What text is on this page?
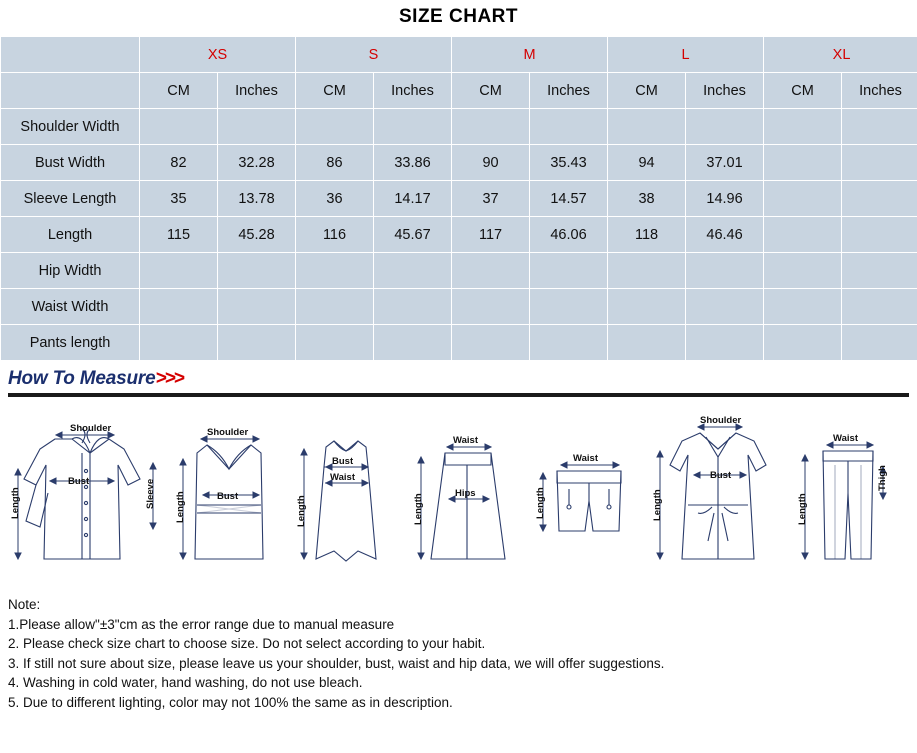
SIZE CHART
	XS		S		M		L		XL	
	CM	Inches	CM	Inches	CM	Inches	CM	Inches	CM	Inches
Shoulder Width										
Bust Width	82	32.28	86	33.86	90	35.43	94	37.01		
Sleeve Length	35	13.78	36	14.17	37	14.57	38	14.96		
Length	115	45.28	116	45.67	117	46.06	118	46.46		
Hip Width										
Waist Width										
Pants length										
How To Measure>>>
Shoulder
Bust
Length	Sleeve
Shoulder
Bust
Length
Bust
Waist
Length
Waist
Hips
Length
Waist
Length
Shoulder
Bust
Length
Waist
Thigh
Length
Note:
1.Please allow"±3"cm as the error range due to manual measure
2. Please check size chart to choose size. Do not select according to your habit.
3. If still not sure about size, please leave us your shoulder, bust, waist and hip data, we will offer suggestions.
4. Washing in cold water, hand washing, do not use bleach.
5. Due to different lighting, color may not 100% the same as in description.
